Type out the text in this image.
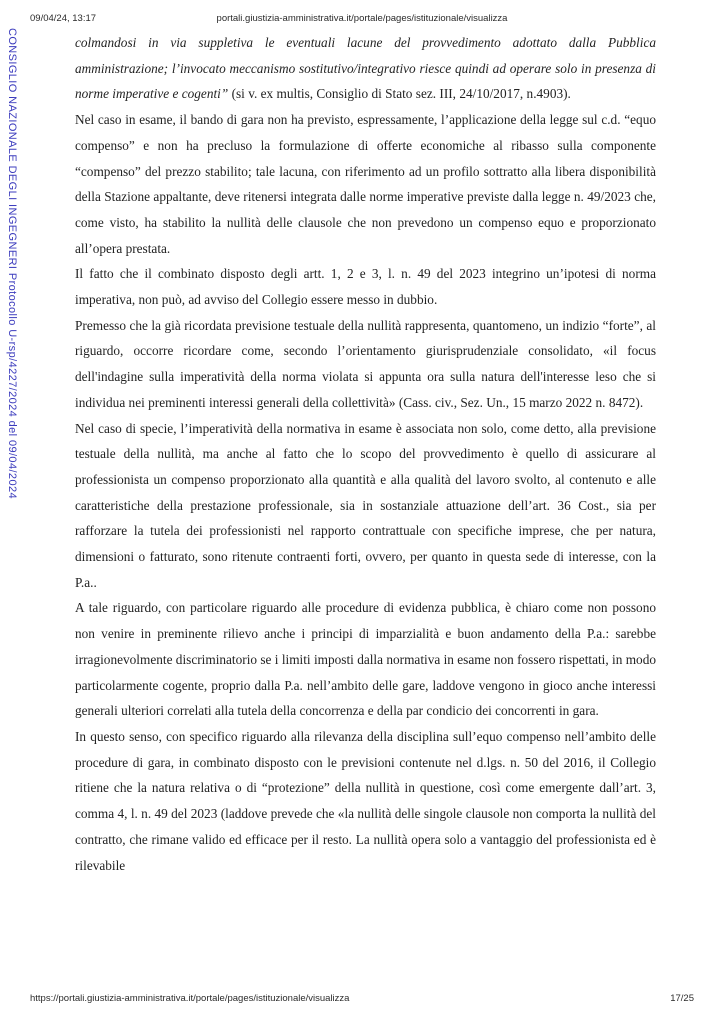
09/04/24, 13:17	portali.giustizia-amministrativa.it/portale/pages/istituzionale/visualizza
CONSIGLIO NAZIONALE DEGLI INGEGNERI Protocollo U-rsp/4227/2024 del 09/04/2024	colmandosi in via suppletiva le eventuali lacune del provvedimento adottato dalla Pubblica amministrazione; l’invocato meccanismo sostitutivo/integrativo riesce quindi ad operare solo in presenza di norme imperative e cogenti” (si v. ex multis, Consiglio di Stato sez. III, 24/10/2017, n.4903).

Nel caso in esame, il bando di gara non ha previsto, espressamente, l’applicazione della legge sul c.d. “equo compenso” e non ha precluso la formulazione di offerte economiche al ribasso sulla componente “compenso” del prezzo stabilito; tale lacuna, con riferimento ad un profilo sottratto alla libera disponibilità della Stazione appaltante, deve ritenersi integrata dalle norme imperative previste dalla legge n. 49/2023 che, come visto, ha stabilito la nullità delle clausole che non prevedono un compenso equo e proporzionato all’opera prestata.

Il fatto che il combinato disposto degli artt. 1, 2 e 3, l. n. 49 del 2023 integrino un’ipotesi di norma imperativa, non può, ad avviso del Collegio essere messo in dubbio.

Premesso che la già ricordata previsione testuale della nullità rappresenta, quantomeno, un indizio “forte”, al riguardo, occorre ricordare come, secondo l’orientamento giurisprudenziale consolidato, «il focus dell'indagine sulla imperatività della norma violata si appunta ora sulla natura dell'interesse leso che si individua nei preminenti interessi generali della collettività» (Cass. civ., Sez. Un., 15 marzo 2022 n. 8472).

Nel caso di specie, l’imperatività della normativa in esame è associata non solo, come detto, alla previsione testuale della nullità, ma anche al fatto che lo scopo del provvedimento è quello di assicurare al professionista un compenso proporzionato alla quantità e alla qualità del lavoro svolto, al contenuto e alle caratteristiche della prestazione professionale, sia in sostanziale attuazione dell’art. 36 Cost., sia per rafforzare la tutela dei professionisti nel rapporto contrattuale con specifiche imprese, che per natura, dimensioni o fatturato, sono ritenute contraenti forti, ovvero, per quanto in questa sede di interesse, con la P.a..

A tale riguardo, con particolare riguardo alle procedure di evidenza pubblica, è chiaro come non possono non venire in preminente rilievo anche i principi di imparzialità e buon andamento della P.a.: sarebbe irragionevolmente discriminatorio se i limiti imposti dalla normativa in esame non fossero rispettati, in modo particolarmente cogente, proprio dalla P.a. nell’ambito delle gare, laddove vengono in gioco anche interessi generali ulteriori correlati alla tutela della concorrenza e della par condicio dei concorrenti in gara.

In questo senso, con specifico riguardo alla rilevanza della disciplina sull’equo compenso nell’ambito delle procedure di gara, in combinato disposto con le previsioni contenute nel d.lgs. n. 50 del 2016, il Collegio ritiene che la natura relativa o di “protezione” della nullità in questione, così come emergente dall’art. 3, comma 4, l. n. 49 del 2023 (laddove prevede che «la nullità delle singole clausole non comporta la nullità del contratto, che rimane valido ed efficace per il resto. La nullità opera solo a vantaggio del professionista ed è rilevabile

https://portali.giustizia-amministrativa.it/portale/pages/istituzionale/visualizza	17/25
